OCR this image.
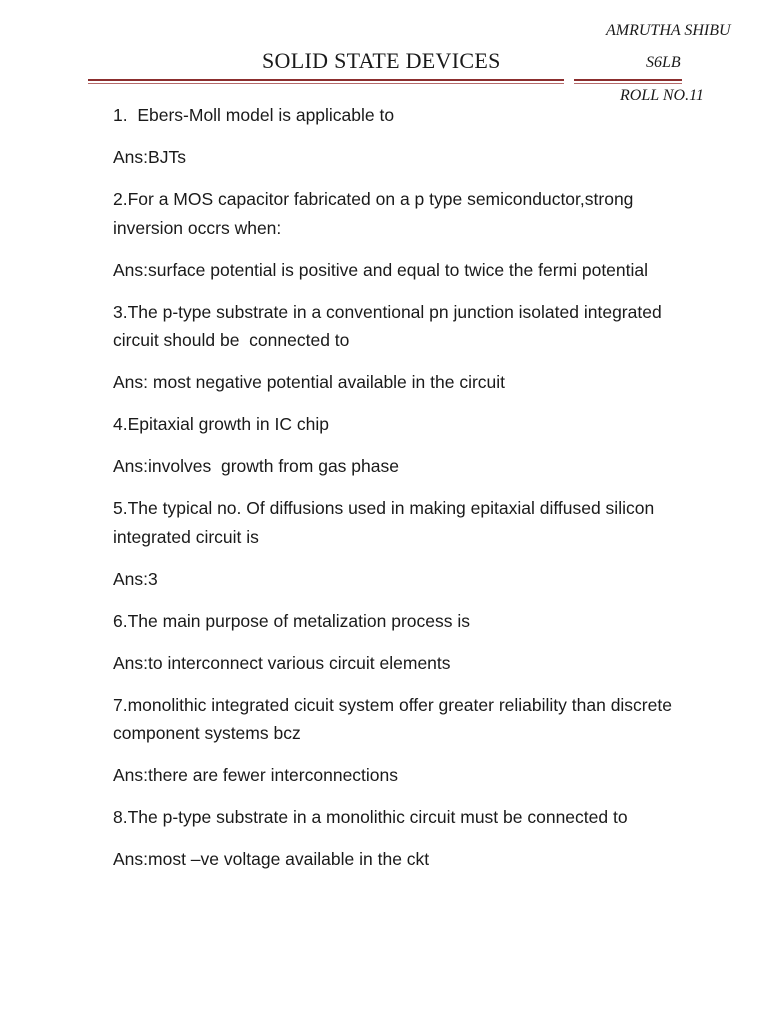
AMRUTHA SHIBU
S6LB
ROLL NO.11
SOLID STATE DEVICES

1.  Ebers-Moll model is applicable to

Ans:BJTs

2.For a MOS capacitor fabricated on a p type semiconductor,strong inversion occrs when:

Ans:surface potential is positive and equal to twice the fermi potential

3.The p-type substrate in a conventional pn junction isolated integrated circuit should be  connected to

Ans: most negative potential available in the circuit

4.Epitaxial growth in IC chip

Ans:involves  growth from gas phase

5.The typical no. Of diffusions used in making epitaxial diffused silicon integrated circuit is

Ans:3

6.The main purpose of metalization process is

Ans:to interconnect various circuit elements

7.monolithic integrated cicuit system offer greater reliability than discrete component systems bcz

Ans:there are fewer interconnections

8.The p-type substrate in a monolithic circuit must be connected to

Ans:most –ve voltage available in the ckt
